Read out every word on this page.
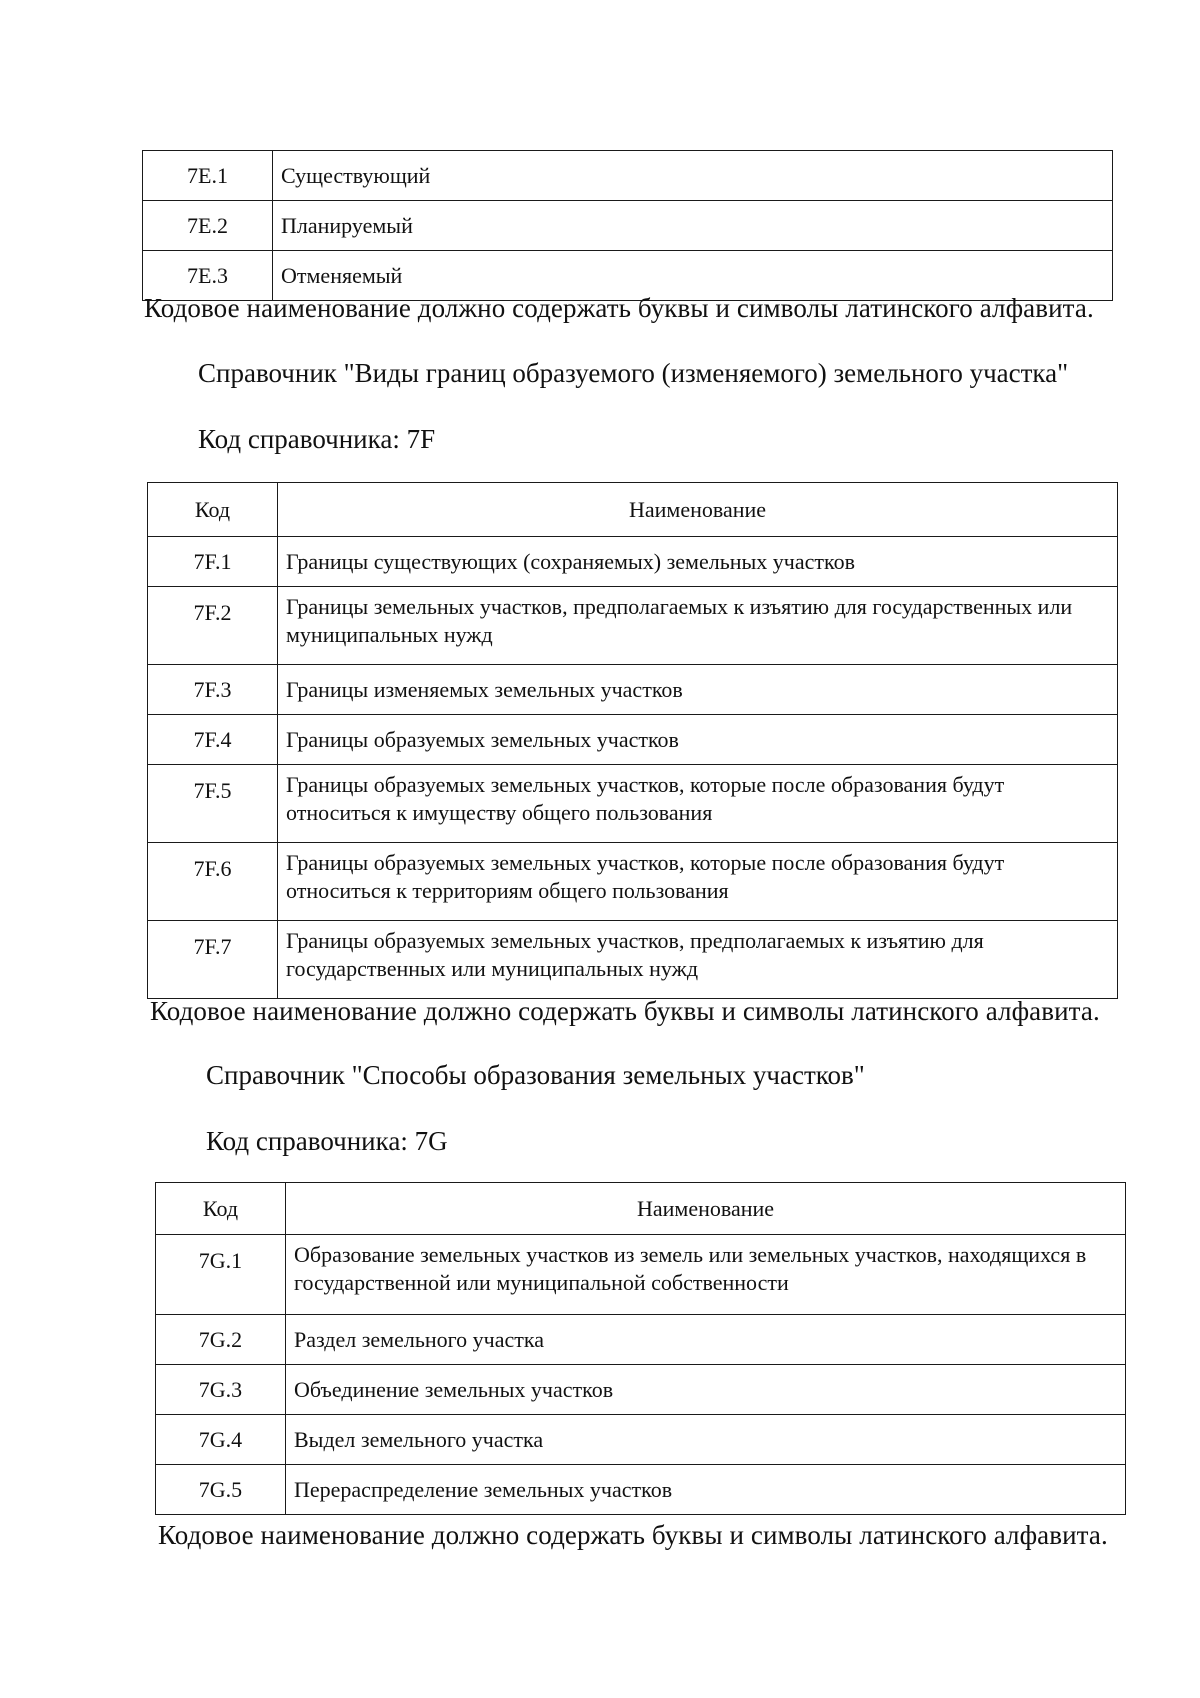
7E.1	Существующий
7E.2	Планируемый
7E.3	Отменяемый
Кодовое наименование должно содержать буквы и символы латинского алфавита.
Справочник "Виды границ образуемого (изменяемого) земельного участка"
Код справочника: 7F
Код	Наименование
7F.1	Границы существующих (сохраняемых) земельных участков
7F.2	Границы земельных участков, предполагаемых к изъятию для государственных или муниципальных нужд
7F.3	Границы изменяемых земельных участков
7F.4	Границы образуемых земельных участков
7F.5	Границы образуемых земельных участков, которые после образования будут относиться к имуществу общего пользования
7F.6	Границы образуемых земельных участков, которые после образования будут относиться к территориям общего пользования
7F.7	Границы образуемых земельных участков, предполагаемых к изъятию для государственных или муниципальных нужд
Кодовое наименование должно содержать буквы и символы латинского алфавита.
Справочник "Способы образования земельных участков"
Код справочника: 7G
Код	Наименование
7G.1	Образование земельных участков из земель или земельных участков, находящихся в государственной или муниципальной собственности
7G.2	Раздел земельного участка
7G.3	Объединение земельных участков
7G.4	Выдел земельного участка
7G.5	Перераспределение земельных участков
Кодовое наименование должно содержать буквы и символы латинского алфавита.
